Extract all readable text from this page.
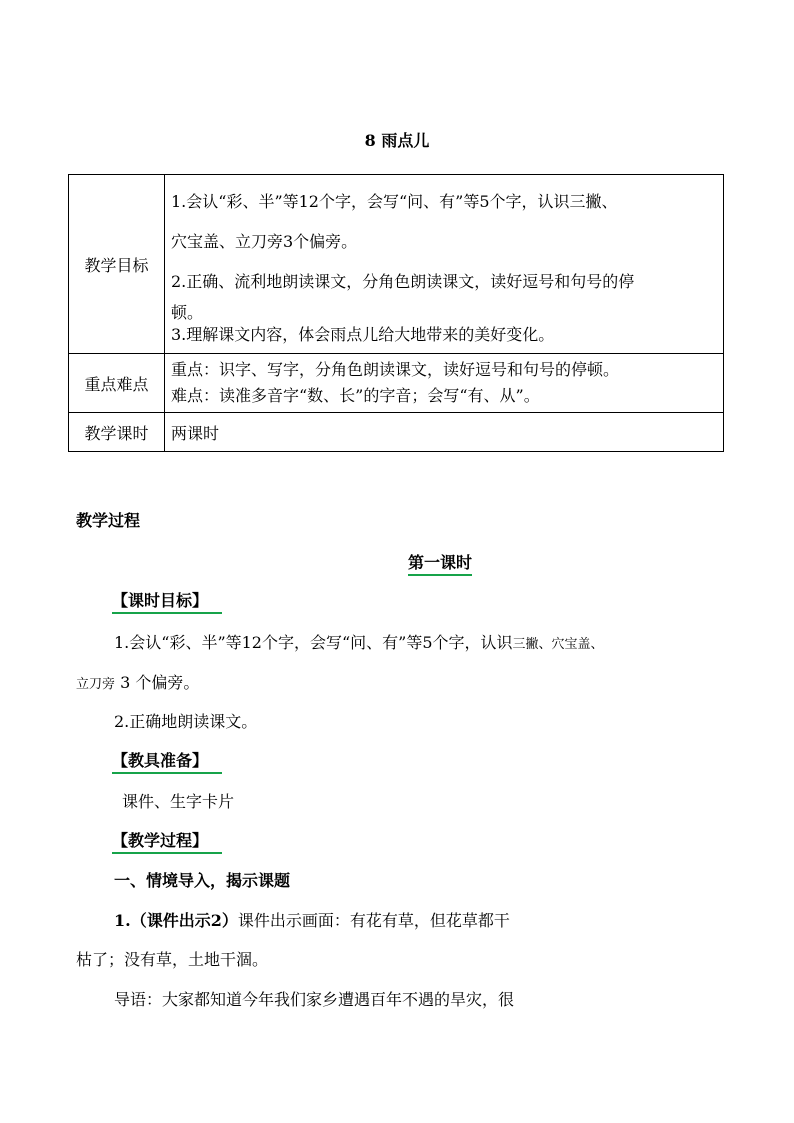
8 雨点儿
教学目标	1.会认“彩、半”等12个字，会写“问、有”等5个字，认识三撇、

穴宝盖、立刀旁3个偏旁。

2.正确、流利地朗读课文，分角色朗读课文，读好逗号和句号的停

顿。

3.理解课文内容，体会雨点儿给大地带来的美好变化。

重点难点	重点：识字、写字，分角色朗读课文，读好逗号和句号的停顿。
难点：读准多音字“数、长”的字音；会写“有、从”。

教学课时	两课时
教学过程
第一课时
【课时目标】
1.会认“彩、半”等12个字，会写“问、有”等5个字，认识三撇、穴宝盖、
立刀旁 3 个偏旁。
2.正确地朗读课文。
【教具准备】
课件、生字卡片
【教学过程】
一、情境导入，揭示课题
1.（课件出示2）课件出示画面：有花有草，但花草都干
枯了；没有草，土地干涸。
导语：大家都知道今年我们家乡遭遇百年不遇的旱灾，很
